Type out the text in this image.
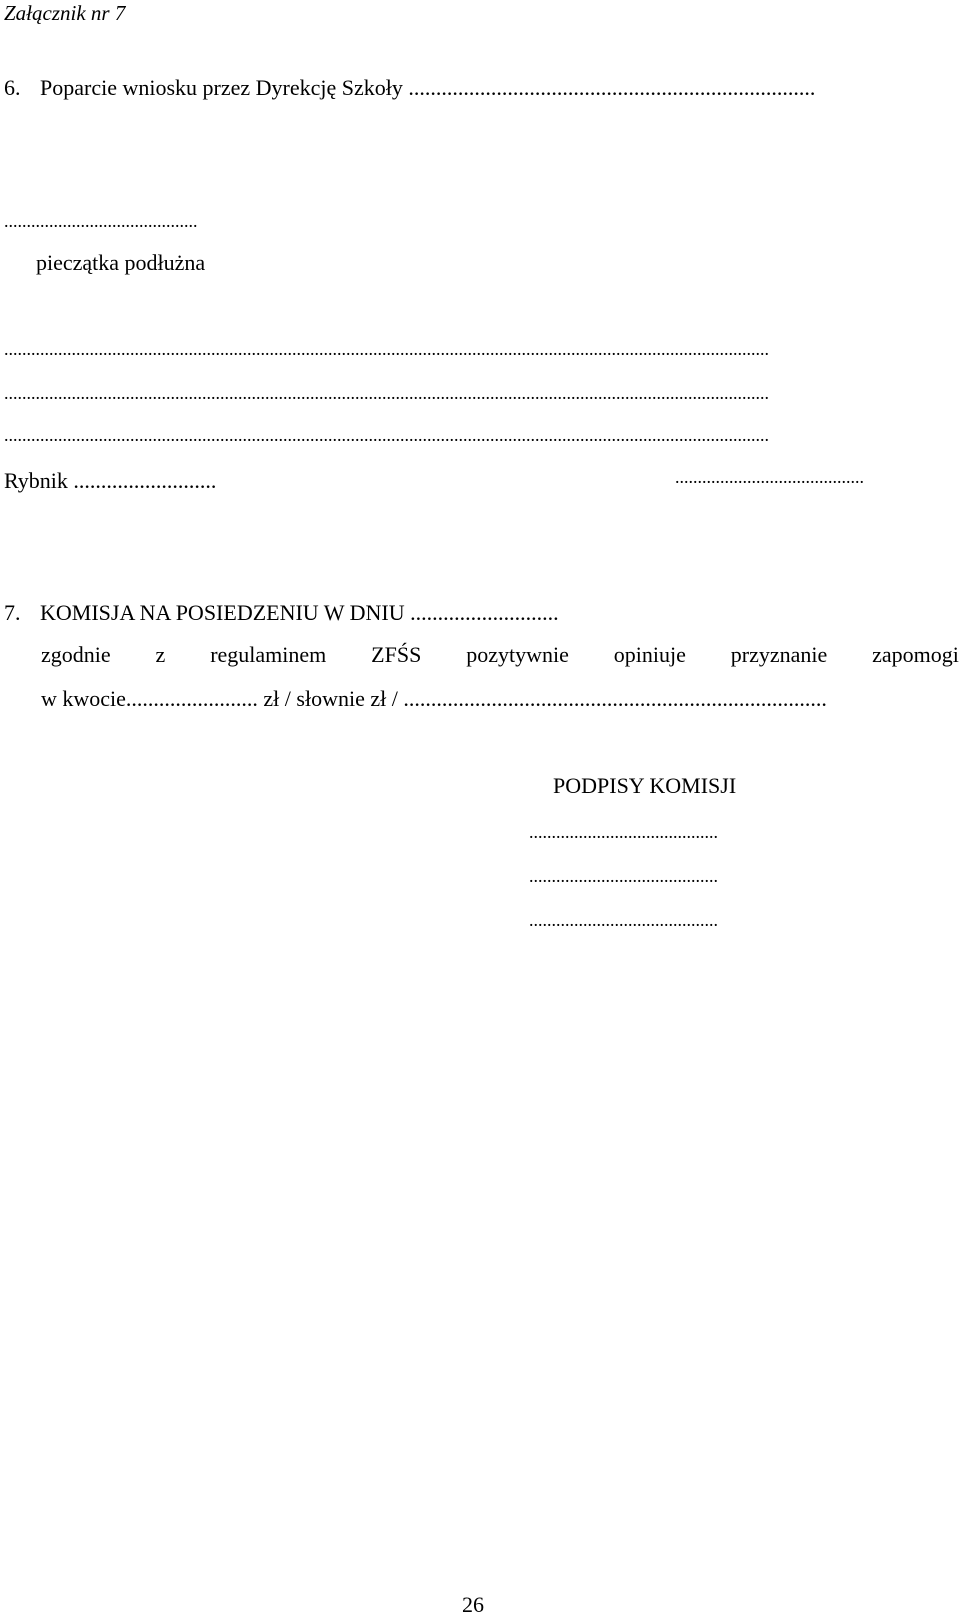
Załącznik nr 7
6. Poparcie wniosku przez Dyrekcję Szkoły ..........................................................................
...........................................
pieczątka podłużna
..........................................................................................................................................................................
..........................................................................................................................................................................
..........................................................................................................................................................................
Rybnik ..........................	..........................................
7. KOMISJA NA POSIEDZENIU W DNIU ...........................
zgodnie z regulaminem ZFŚS pozytywnie opiniuje przyznanie zapomogi
w kwocie........................ zł / słownie zł / .............................................................................
PODPISY KOMISJI
..........................................
..........................................
..........................................
26
